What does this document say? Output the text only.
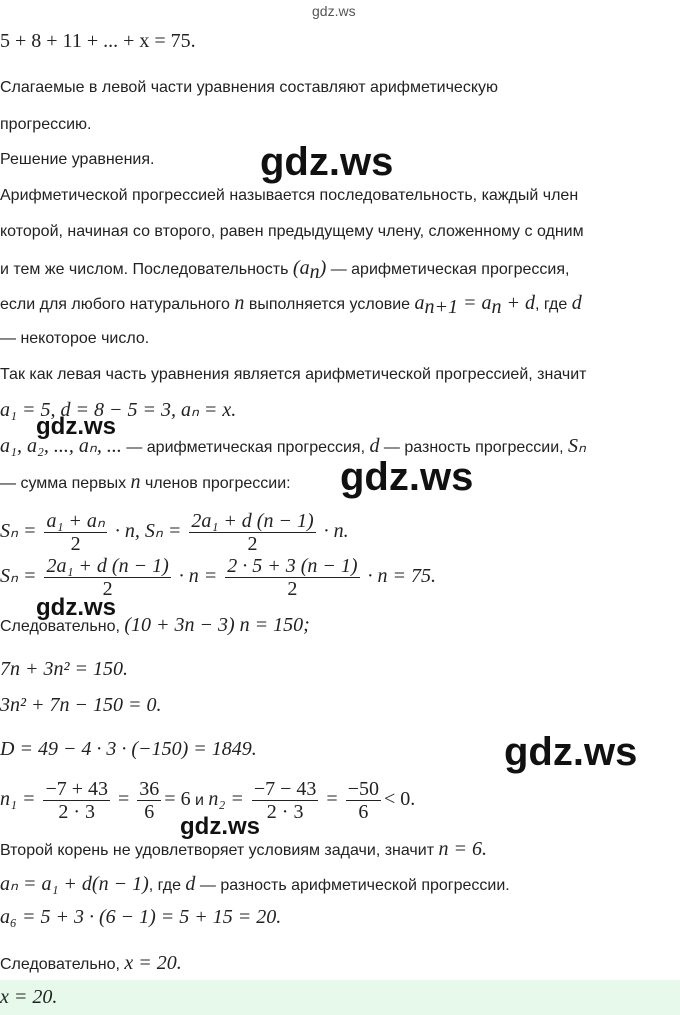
gdz.ws
5 + 8 + 11 + ... + x = 75.
Слагаемые в левой части уравнения составляют арифметическую
прогрессию.
Решение уравнения.
Арифметической прогрессией называется последовательность, каждый член
которой, начиная со второго, равен предыдущему члену, сложенному с одним
и тем же числом. Последовательность $(a_n)$ — арифметическая прогрессия,
если для любого натурального n выполняется условие $a_{n+1} = a_n + d$, где d
— некоторое число.
Так как левая часть уравнения является арифметической прогрессией, значит
a₁ = 5, d = 8 − 5 = 3, aₙ = x.
a₁, a₂, ..., aₙ, ... — арифметическая прогрессия, d — разность прогрессии, Sₙ
— сумма первых n членов прогрессии:
$S_n = \frac{\text{a₁ + aₙ}}{2} \cdot n$, $S_n = \frac{\text{2a₁ + d (n − 1)}}{2} \cdot n$.
$S_n = \frac{\text{2a₁ + d (n − 1)}}{2} \cdot n = \frac{2 \cdot 5 + 3 (n - 1)}{2} \cdot n = 75$.
Следовательно, (10 + 3n − 3) n = 150;
7n + 3n² = 150.
3n² + 7n − 150 = 0.
D = 49 − 4 · 3 · (−150) = 1849.
$n_1 = \frac{-7 + 43}{2 \cdot 3} = \frac{36}{6} = 6$ и $n_2 = \frac{-7 - 43}{2 \cdot 3} = \frac{-50}{6} < 0$.
Второй корень не удовлетворяет условиям задачи, значит n = 6.
aₙ = a₁ + d(n − 1), где d — разность арифметической прогрессии.
a₆ = 5 + 3 · (6 − 1) = 5 + 15 = 20.
Следовательно, x = 20.
x = 20.
gdz.ws
gdz.ws
gdz.ws
gdz.ws
gdz.ws
gdz.ws
